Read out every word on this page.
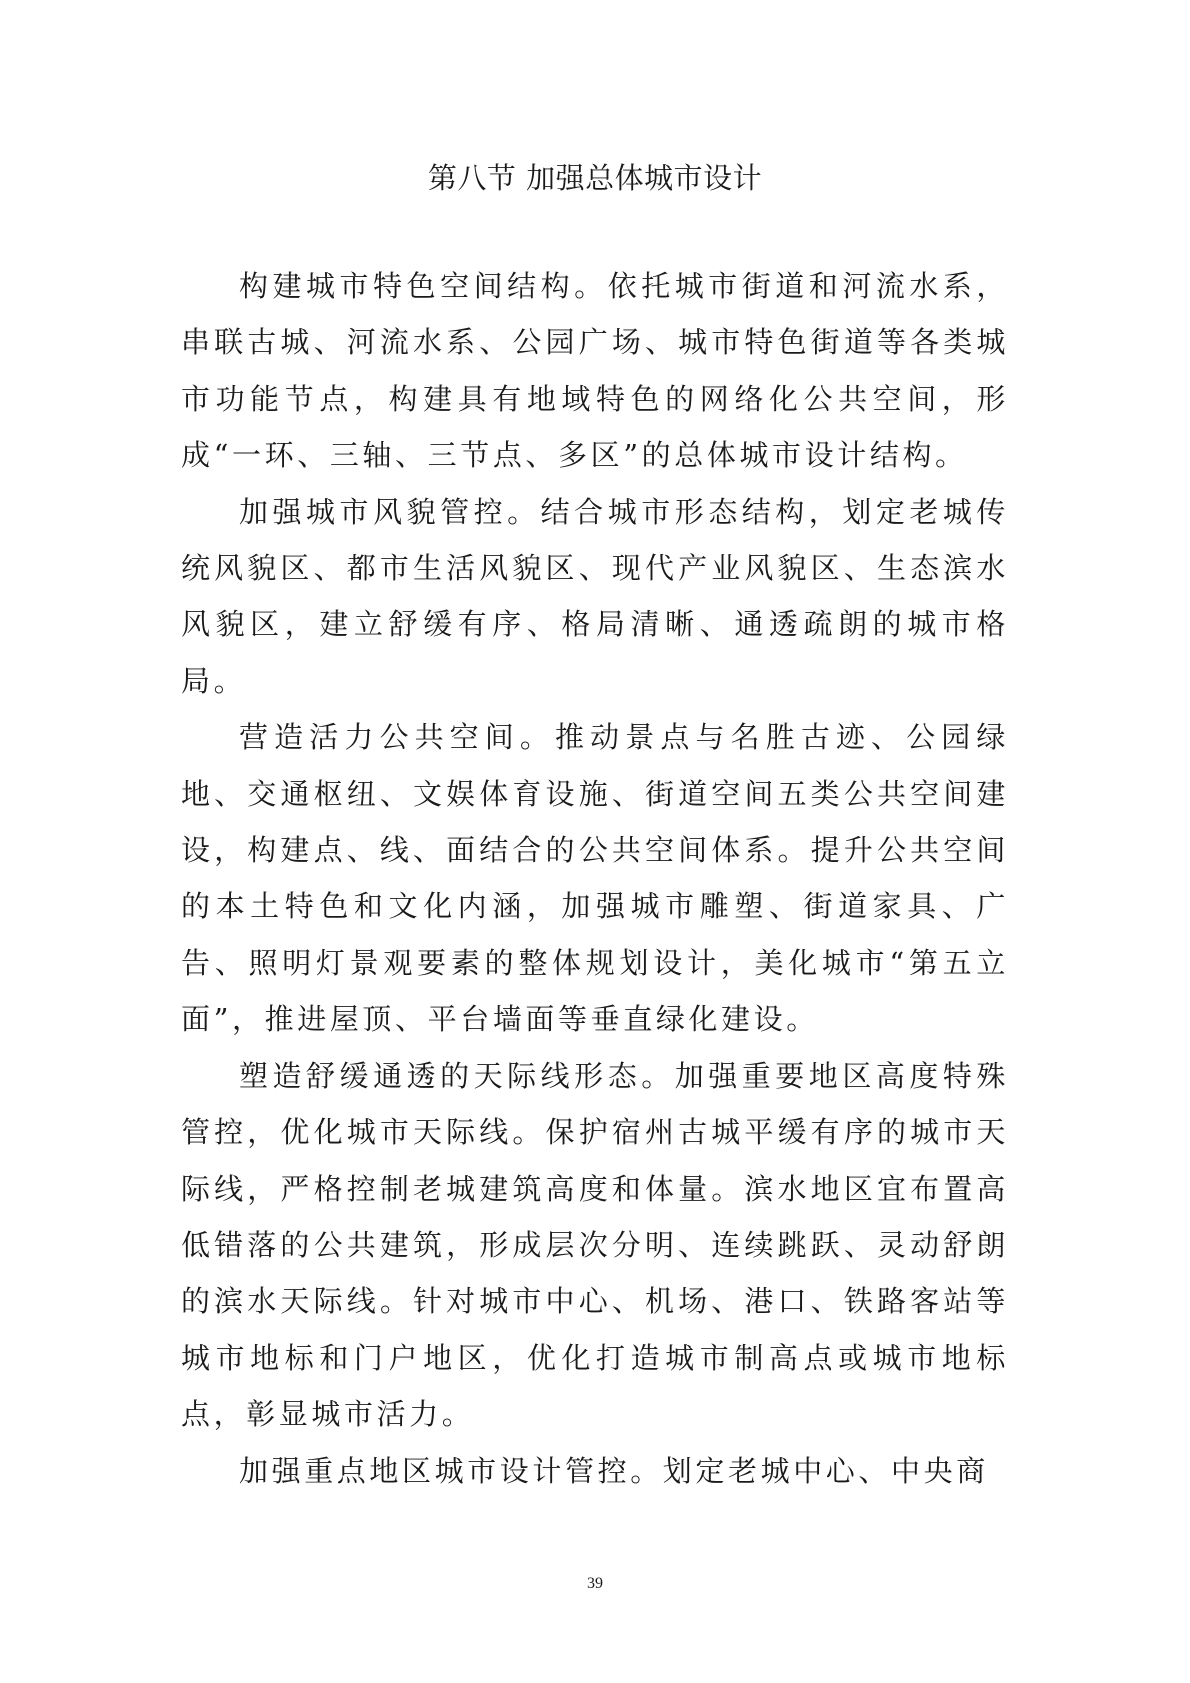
第八节 加强总体城市设计

构建城市特色空间结构。依托城市街道和河流水系，串联古城、河流水系、公园广场、城市特色街道等各类城市功能节点，构建具有地域特色的网络化公共空间，形成“一环、三轴、三节点、多区”的总体城市设计结构。

加强城市风貌管控。结合城市形态结构，划定老城传统风貌区、都市生活风貌区、现代产业风貌区、生态滨水风貌区，建立舒缓有序、格局清晰、通透疏朗的城市格局。

营造活力公共空间。推动景点与名胜古迹、公园绿地、交通枢纽、文娱体育设施、街道空间五类公共空间建设，构建点、线、面结合的公共空间体系。提升公共空间的本土特色和文化内涵，加强城市雕塑、街道家具、广告、照明灯景观要素的整体规划设计，美化城市“第五立面”，推进屋顶、平台墙面等垂直绿化建设。

塑造舒缓通透的天际线形态。加强重要地区高度特殊管控，优化城市天际线。保护宿州古城平缓有序的城市天际线，严格控制老城建筑高度和体量。滨水地区宜布置高低错落的公共建筑，形成层次分明、连续跳跃、灵动舒朗的滨水天际线。针对城市中心、机场、港口、铁路客站等城市地标和门户地区，优化打造城市制高点或城市地标点，彰显城市活力。

加强重点地区城市设计管控。划定老城中心、中央商

39
